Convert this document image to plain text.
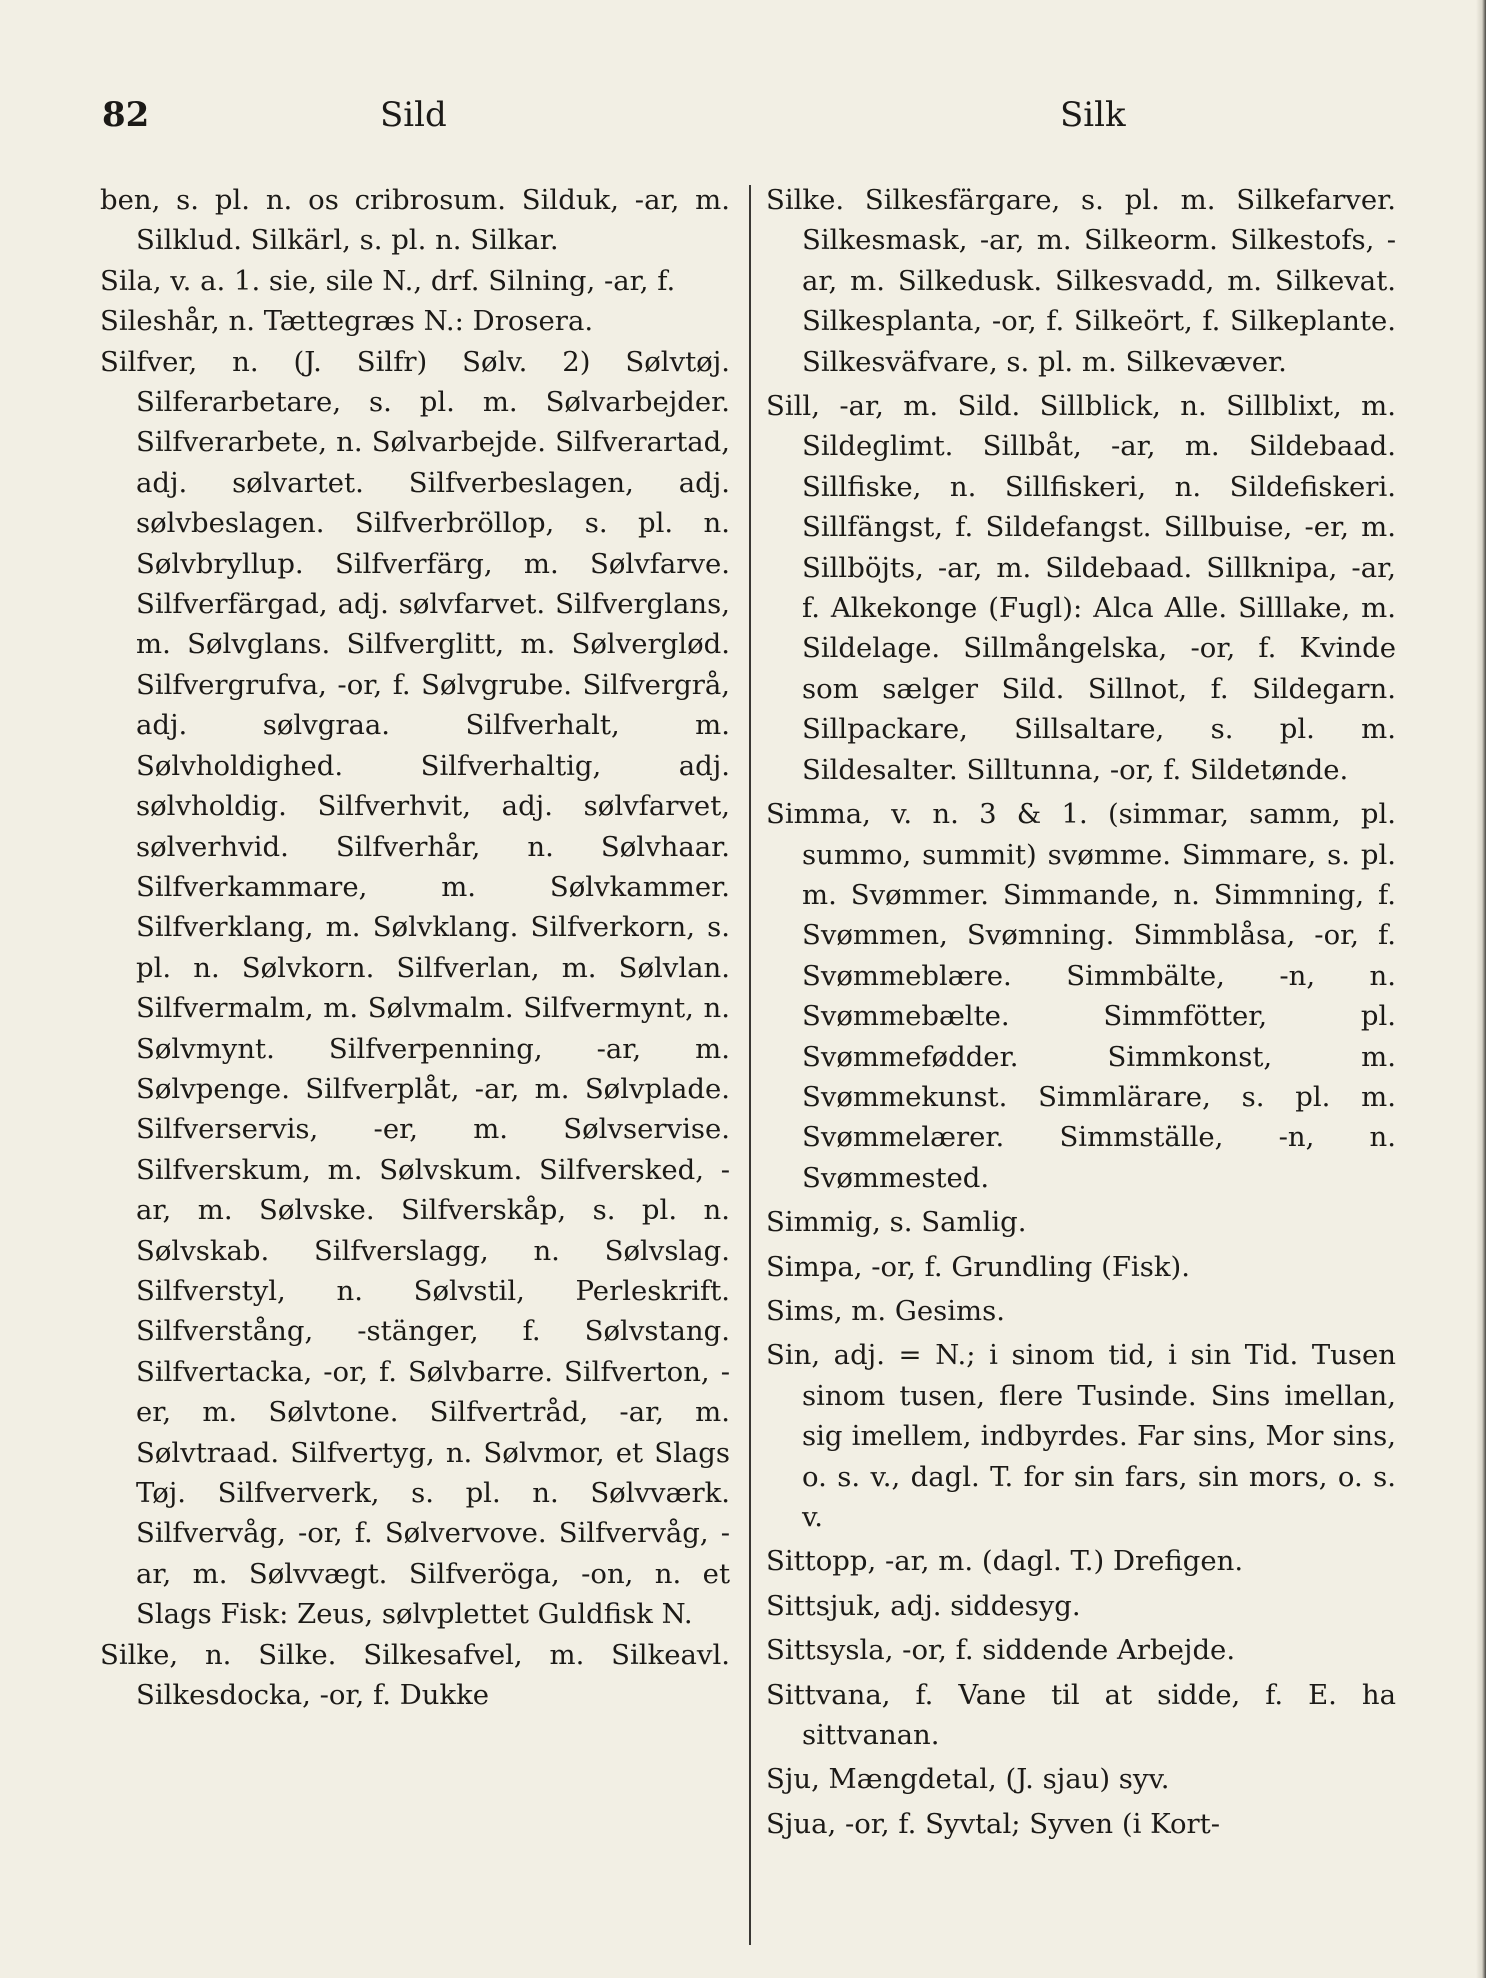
82	Sild	Silk

ben, s. pl. n. os cribrosum. Silduk, -ar, m. Silklud. Silkärl, s. pl. n. Silkar.

Sila, v. a. 1. sie, sile N., drf. Silning, -ar, f.

Sileshår, n. Tættegræs N.: Drosera.

Silfver, n. (J. Silfr) Sølv. 2) Sølvtøj. Silferarbetare, s. pl. m. Sølvarbejder. Silfverarbete, n. Sølvarbejde. Silfverartad, adj. sølvartet. Silfverbeslagen, adj. sølvbeslagen. Silfverbröllop, s. pl. n. Sølvbryllup. Silfverfärg, m. Sølvfarve. Silfverfärgad, adj. sølvfarvet. Silfverglans, m. Sølvglans. Silfverglitt, m. Sølverglød. Silfvergrufva, -or, f. Sølvgrube. Silfvergrå, adj. sølvgraa. Silfverhalt, m. Sølvholdighed. Silfverhaltig, adj. sølvholdig. Silfverhvit, adj. sølvfarvet, sølverhvid. Silfverhår, n. Sølvhaar. Silfverkammare, m. Sølvkammer. Silfverklang, m. Sølvklang. Silfverkorn, s. pl. n. Sølvkorn. Silfverlan, m. Sølvlan. Silfvermalm, m. Sølvmalm. Silfvermynt, n. Sølvmynt. Silfverpenning, -ar, m. Sølvpenge. Silfverplåt, -ar, m. Sølvplade. Silfverservis, -er, m. Sølvservise. Silfverskum, m. Sølvskum. Silfversked, -ar, m. Sølvske. Silfverskåp, s. pl. n. Sølvskab. Silfverslagg, n. Sølvslag. Silfverstyl, n. Sølvstil, Perleskrift. Silfverstång, -stänger, f. Sølvstang. Silfvertacka, -or, f. Sølvbarre. Silfverton, -er, m. Sølvtone. Silfvertråd, -ar, m. Sølvtraad. Silfvertyg, n. Sølvmor, et Slags Tøj. Silfververk, s. pl. n. Sølvværk. Silfvervåg, -or, f. Sølvervove. Silfvervåg, -ar, m. Sølvvægt. Silfveröga, -on, n. et Slags Fisk: Zeus, sølvplettet Guldfisk N.

Silke, n. Silke. Silkesafvel, m. Silkeavl. Silkesdocka, -or, f. Dukke

Silke. Silkesfärgare, s. pl. m. Silkefarver. Silkesmask, -ar, m. Silkeorm. Silkestofs, -ar, m. Silkedusk. Silkesvadd, m. Silkevat. Silkesplanta, -or, f. Silkeört, f. Silkeplante. Silkesväfvare, s. pl. m. Silkevæver.

Sill, -ar, m. Sild. Sillblick, n. Sillblixt, m. Sildeglimt. Sillbåt, -ar, m. Sildebaad. Sillfiske, n. Sillfiskeri, n. Sildefiskeri. Sillfängst, f. Sildefangst. Sillbuise, -er, m. Sillböjts, -ar, m. Sildebaad. Sillknipa, -ar, f. Alkekonge (Fugl): Alca Alle. Silllake, m. Sildelage. Sillmångelska, -or, f. Kvinde som sælger Sild. Sillnot, f. Sildegarn. Sillpackare, Sillsaltare, s. pl. m. Sildesalter. Silltunna, -or, f. Sildetønde.

Simma, v. n. 3 & 1. (simmar, samm, pl. summo, summit) svømme. Simmare, s. pl. m. Svømmer. Simmande, n. Simmning, f. Svømmen, Svømning. Simmblåsa, -or, f. Svømmeblære. Simmbälte, -n, n. Svømmebælte. Simmfötter, pl. Svømmefødder. Simmkonst, m. Svømmekunst. Simmlärare, s. pl. m. Svømmelærer. Simmställe, -n, n. Svømmested.

Simmig, s. Samlig.

Simpa, -or, f. Grundling (Fisk).

Sims, m. Gesims.

Sin, adj. = N.; i sinom tid, i sin Tid. Tusen sinom tusen, flere Tusinde. Sins imellan, sig imellem, indbyrdes. Far sins, Mor sins, o. s. v., dagl. T. for sin fars, sin mors, o. s. v.

Sittopp, -ar, m. (dagl. T.) Drefigen.

Sittsjuk, adj. siddesyg.

Sittsysla, -or, f. siddende Arbejde.

Sittvana, f. Vane til at sidde, f. E. ha sittvanan.

Sju, Mængdetal, (J. sjau) syv.

Sjua, -or, f. Syvtal; Syven (i Kort-
